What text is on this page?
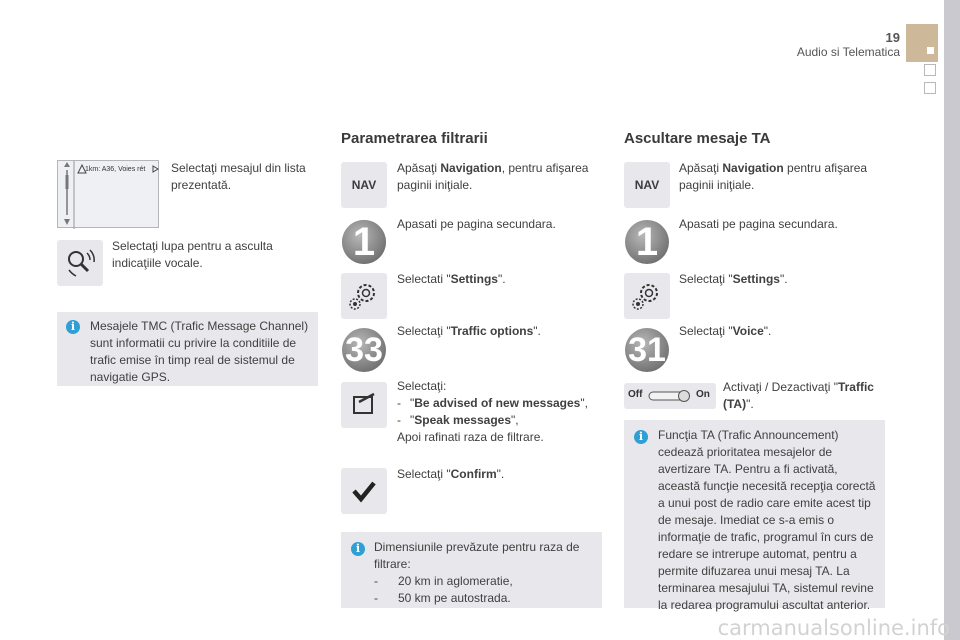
19
Audio si Telematica
1km: A36, Voies rét Selectaţi mesajul din lista prezentată.
Selectaţi lupa pentru a asculta indicaţiile vocale.
i	Mesajele TMC (Trafic Message Channel) sunt informatii cu privire la conditiile de trafic emise în timp real de sistemul de navigatie GPS.
Parametrarea filtrarii
NAV
Apăsaţi Navigation, pentru afişarea paginii iniţiale.
1	Apasati pe pagina secundara.
Selectati "Settings".
33	Selectaţi "Traffic options".
Selectaţi:
- "Be advised of new messages",
- "Speak messages",
Apoi rafinati raza de filtrare.
Selectaţi "Confirm".
i	Dimensiunile prevăzute pentru raza de filtrare:
- 20 km in aglomeratie,
- 50 km pe autostrada.
Ascultare mesaje TA
NAV
Apăsaţi Navigation pentru afişarea paginii iniţiale.
1	Apasati pe pagina secundara.
Selectaţi "Settings".
31	Selectaţi "Voice".
Off	On
Activaţi / Dezactivaţi "Traffic (TA)".
i	Funcţia TA (Trafic Announcement) cedează prioritatea mesajelor de avertizare TA. Pentru a fi activată, această funcţie necesită recepţia corectă a unui post de radio care emite acest tip de mesaje. Imediat ce s-a emis o informaţie de trafic, programul în curs de redare se intrerupe automat, pentru a permite difuzarea unui mesaj TA. La terminarea mesajului TA, sistemul revine la redarea programului ascultat anterior.
carmanualsonline.info
